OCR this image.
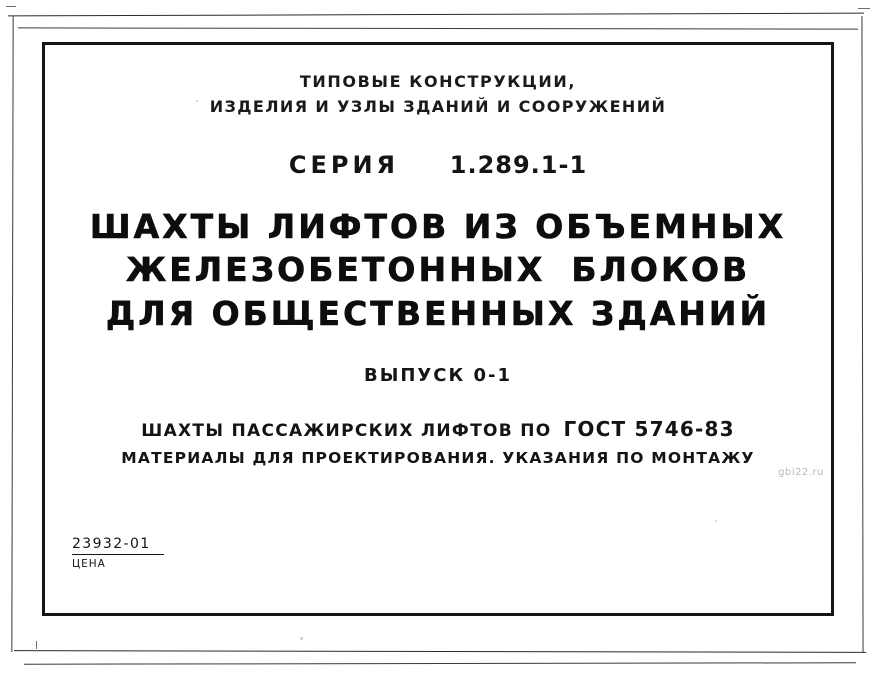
ТИПОВЫЕ КОНСТРУКЦИИ,
ИЗДЕЛИЯ И УЗЛЫ ЗДАНИЙ И СООРУЖЕНИЙ
СЕРИЯ 1.289.1-1
ШАХТЫ ЛИФТОВ ИЗ ОБЪЕМНЫХ
ЖЕЛЕЗОБЕТОННЫХ БЛОКОВ
ДЛЯ ОБЩЕСТВЕННЫХ ЗДАНИЙ
ВЫПУСК 0-1
ШАХТЫ ПАССАЖИРСКИХ ЛИФТОВ ПО ГОСТ 5746-83
МАТЕРИАЛЫ ДЛЯ ПРОЕКТИРОВАНИЯ. УКАЗАНИЯ ПО МОНТАЖУ
gbi22.ru
23932-01
ЦЕНА
